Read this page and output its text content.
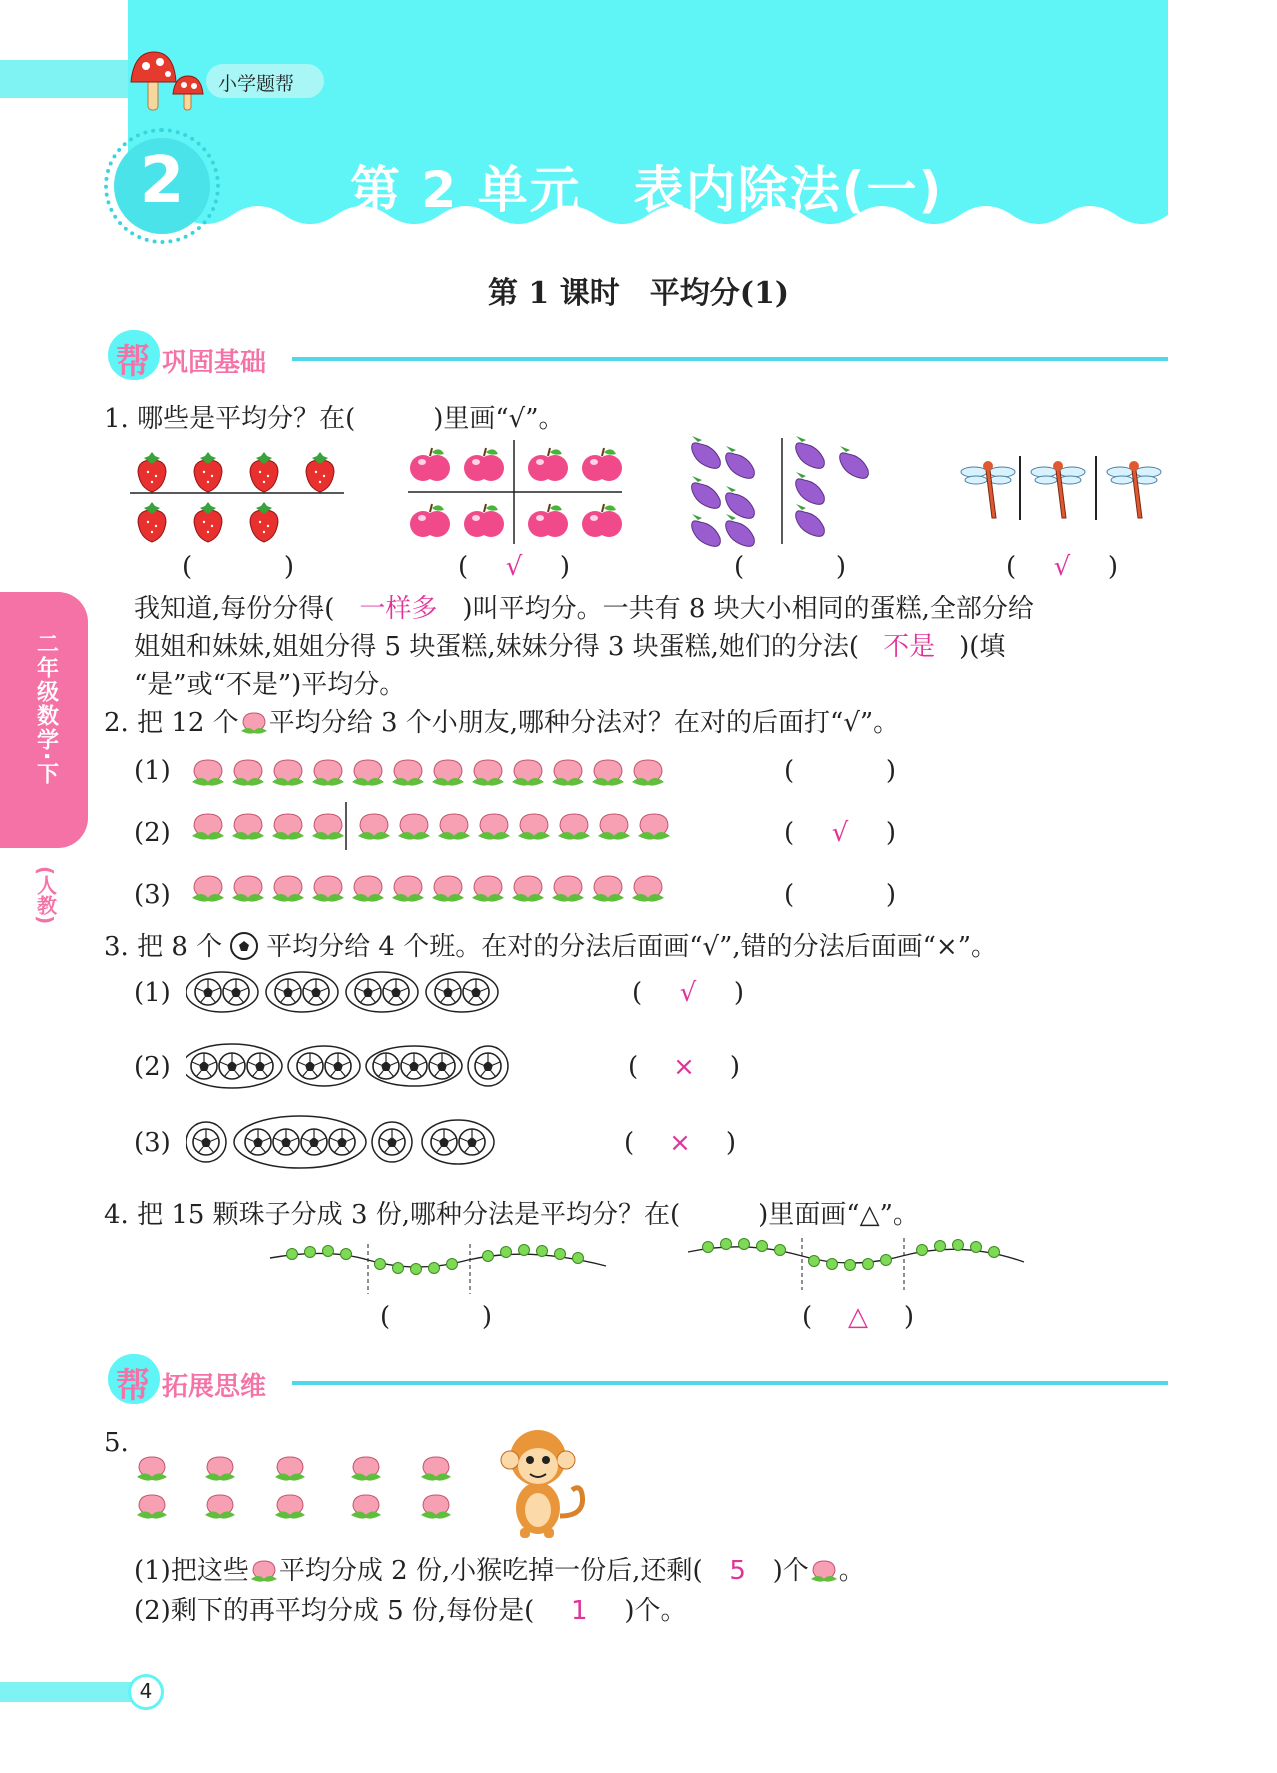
小学题帮
2	第 2 单元　表内除法(一)
第 1 课时　平均分(1)
二年级数学·下
(人教)
帮 巩固基础
1. 哪些是平均分？在(　　　)里画“√”。
(	)	(	√	)	(	)	(	√	)
我知道,每份分得( 一样多 )叫平均分。一共有 8 块大小相同的蛋糕,全部分给
姐姐和妹妹,姐姐分得 5 块蛋糕,妹妹分得 3 块蛋糕,她们的分法( 不是 )(填
“是”或“不是”)平均分。
2. 把 12 个 平均分给 3 个小朋友,哪种分法对？在对的后面打“√”。
(1)
(2)
(3)
(	)
(	√	)
(	)
3. 把 8 个 平均分给 4 个班。在对的分法后面画“√”,错的分法后面画“×”。
(1)
(2)
(3)
(	√	)
(	×	)
(	×	)
4. 把 15 颗珠子分成 3 份,哪种分法是平均分？在(　　　)里面画“△”。
(	)	(	△	)
帮 拓展思维
5.
(1)把这些 平均分成 2 份,小猴吃掉一份后,还剩( 5 )个 。
(2)剩下的再平均分成 5 份,每份是( 1 )个。
4
